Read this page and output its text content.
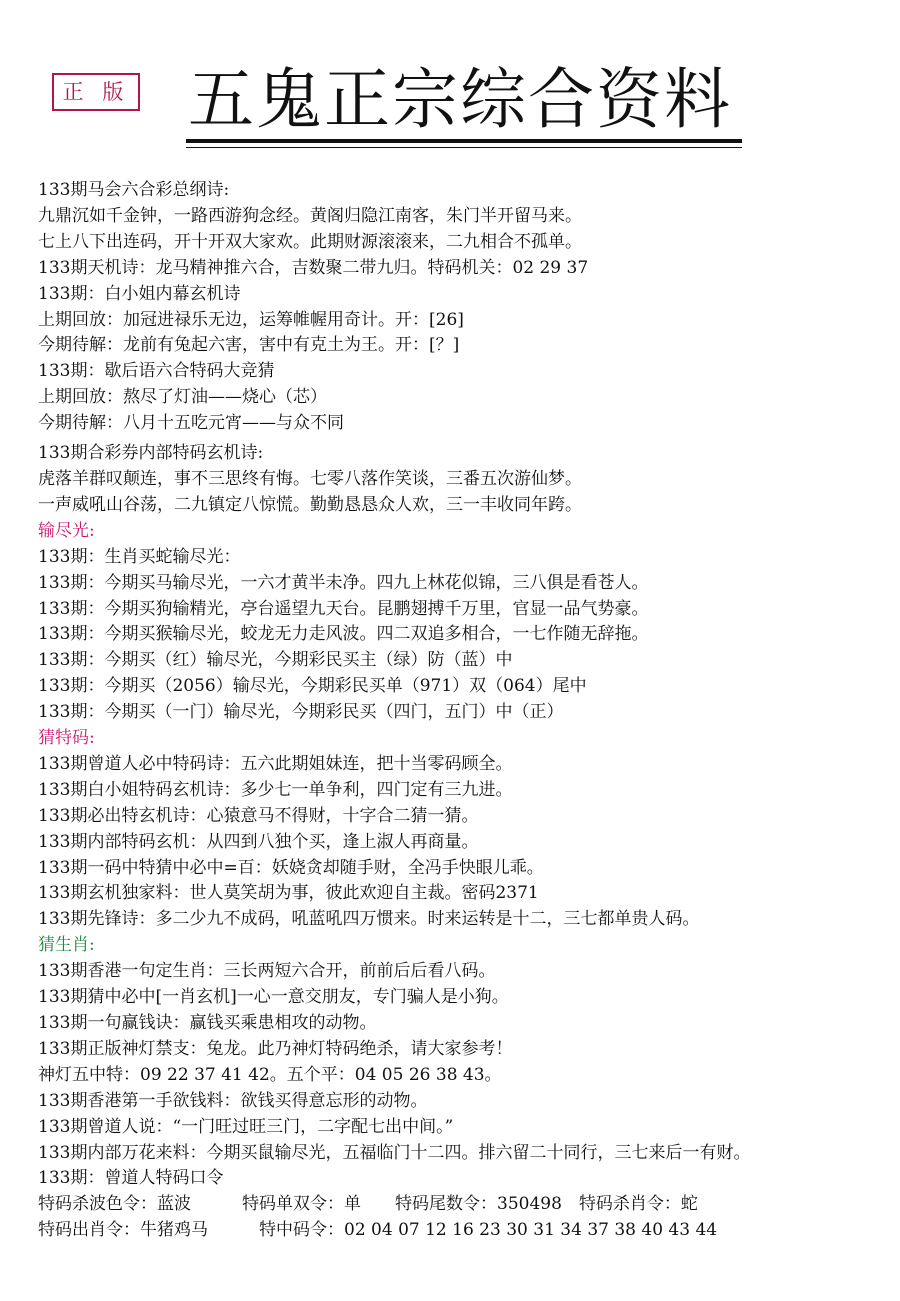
正 版 五鬼正宗综合资料
133期马会六合彩总纲诗:
九鼎沉如千金钟，一路西游狗念经。黄阁归隐江南客，朱门半开留马来。
七上八下出连码，开十开双大家欢。此期财源滚滚来，二九相合不孤单。
133期天机诗：龙马精神推六合，吉数聚二带九归。特码机关：02 29 37
133期：白小姐内幕玄机诗
上期回放：加冠进禄乐无边，运筹帷幄用奇计。开：[26]
今期待解：龙前有兔起六害，害中有克土为王。开：[？]
133期：歇后语六合特码大竞猜
上期回放：熬尽了灯油——烧心（芯）
今期待解：八月十五吃元宵——与众不同
133期合彩券内部特码玄机诗:
虎落羊群叹颠连，事不三思终有悔。七零八落作笑谈，三番五次游仙梦。
一声威吼山谷荡，二九镇定八惊慌。勤勤恳恳众人欢，三一丰收同年跨。
输尽光:
133期：生肖买蛇输尽光：
133期：今期买马输尽光，一六才黄半未净。四九上林花似锦，三八俱是看苍人。
133期：今期买狗输精光，亭台遥望九天台。昆鹏翅搏千万里，官显一品气势豪。
133期：今期买猴输尽光，蛟龙无力走风波。四二双追多相合，一七作随无辞拖。
133期：今期买（红）输尽光，今期彩民买主（绿）防（蓝）中
133期：今期买（2056）输尽光，今期彩民买单（971）双（064）尾中
133期：今期买（一门）输尽光，今期彩民买（四门，五门）中（正）
猜特码:
133期曾道人必中特码诗：五六此期姐妹连，把十当零码顾全。
133期白小姐特码玄机诗：多少七一单争利，四门定有三九进。
133期必出特玄机诗：心猿意马不得财，十字合二猜一猜。
133期内部特码玄机：从四到八独个买，逢上淑人再商量。
133期一码中特猜中必中=百：妖娆贪却随手财，全冯手快眼儿乖。
133期玄机独家料：世人莫笑胡为事，彼此欢迎自主裁。密码2371
133期先锋诗：多二少九不成码，吼蓝吼四万惯来。时来运转是十二，三七都单贵人码。
猜生肖:
133期香港一句定生肖：三长两短六合开，前前后后看八码。
133期猜中必中[一肖玄机]一心一意交朋友，专门骗人是小狗。
133期一句赢钱诀：赢钱买乘患相攻的动物。
133期正版神灯禁支：兔龙。此乃神灯特码绝杀，请大家参考！
神灯五中特：09 22 37 41 42。五个平：04 05 26 38 43。
133期香港第一手欲钱料：欲钱买得意忘形的动物。
133期曾道人说：“一门旺过旺三门，二字配七出中间。”
133期内部万花来料：今期买鼠输尽光，五福临门十二四。排六留二十同行，三七来后一有财。
133期：曾道人特码口令
特码杀波色令：蓝波　　　特码单双令：单　　特码尾数令：350498　特码杀肖令：蛇
特码出肖令：牛猪鸡马　　　特中码令：02 04 07 12 16 23 30 31 34 37 38 40 43 44
